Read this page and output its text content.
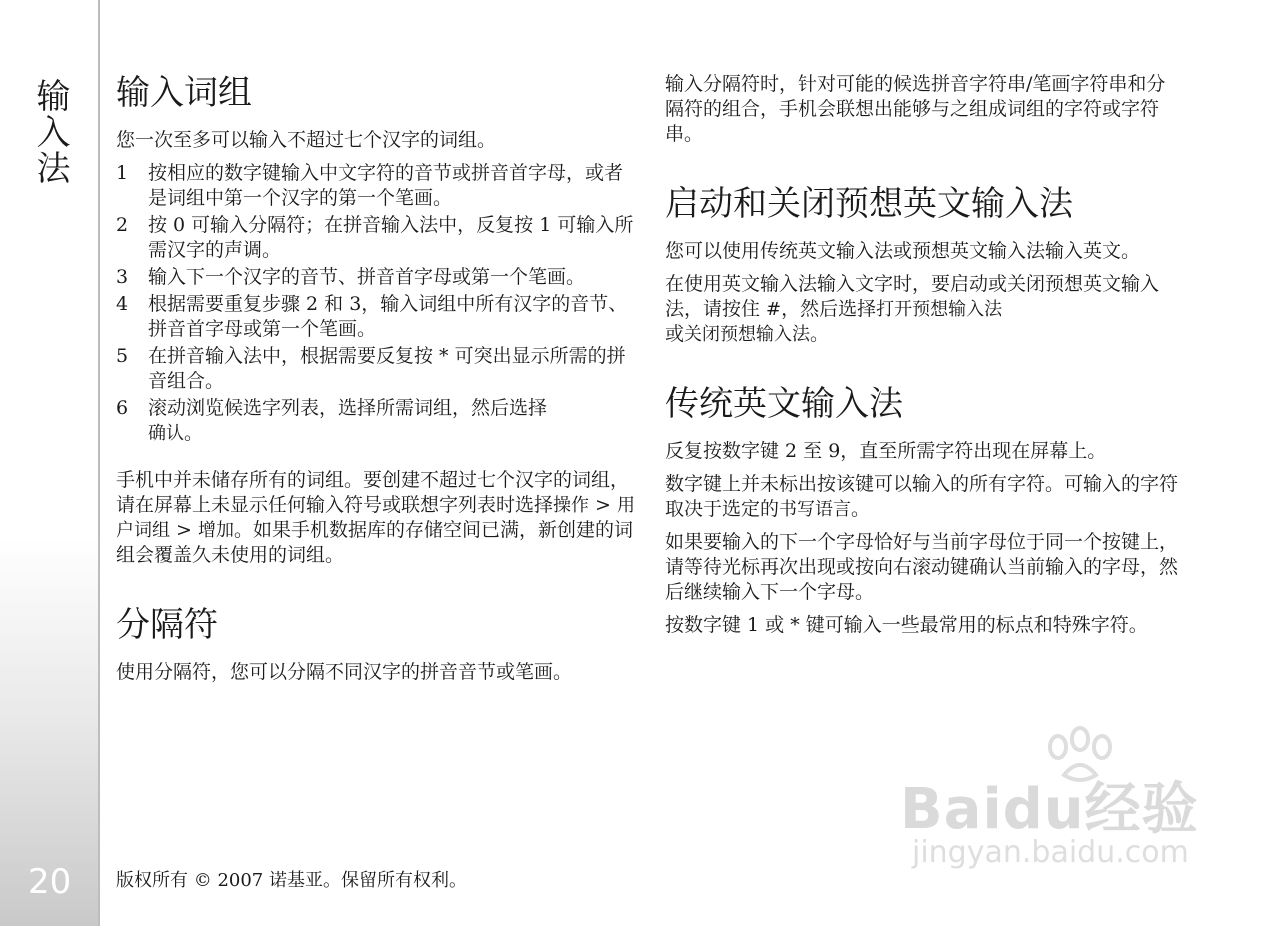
输入法
20
输入词组

您一次至多可以输入不超过七个汉字的词组。

1	按相应的数字键输入中文字符的音节或拼音首字母，或者是词组中第一个汉字的第一个笔画。
2	按 0 可输入分隔符；在拼音输入法中，反复按 1 可输入所需汉字的声调。
3	输入下一个汉字的音节、拼音首字母或第一个笔画。
4	根据需要重复步骤 2 和 3，输入词组中所有汉字的音节、拼音首字母或第一个笔画。
5	在拼音输入法中，根据需要反复按 * 可突出显示所需的拼音组合。
6	滚动浏览候选字列表，选择所需词组，然后选择
确认。

手机中并未储存所有的词组。要创建不超过七个汉字的词组，请在屏幕上未显示任何输入符号或联想字列表时选择操作 > 用户词组 > 增加。如果手机数据库的存储空间已满，新创建的词组会覆盖久未使用的词组。

分隔符

使用分隔符，您可以分隔不同汉字的拼音音节或笔画。

输入分隔符时，针对可能的候选拼音字符串/笔画字符串和分隔符的组合，手机会联想出能够与之组成词组的字符或字符串。

启动和关闭预想英文输入法

您可以使用传统英文输入法或预想英文输入法输入英文。

在使用英文输入法输入文字时，要启动或关闭预想英文输入法，请按住 #，然后选择打开预想输入法
或关闭预想输入法。

传统英文输入法

反复按数字键 2 至 9，直至所需字符出现在屏幕上。

数字键上并未标出按该键可以输入的所有字符。可输入的字符取决于选定的书写语言。

如果要输入的下一个字母恰好与当前字母位于同一个按键上，请等待光标再次出现或按向右滚动键确认当前输入的字母，然后继续输入下一个字母。

按数字键 1 或 * 键可输入一些最常用的标点和特殊字符。

版权所有 © 2007 诺基亚。保留所有权利。
Baidu经验
jingyan.baidu.com
